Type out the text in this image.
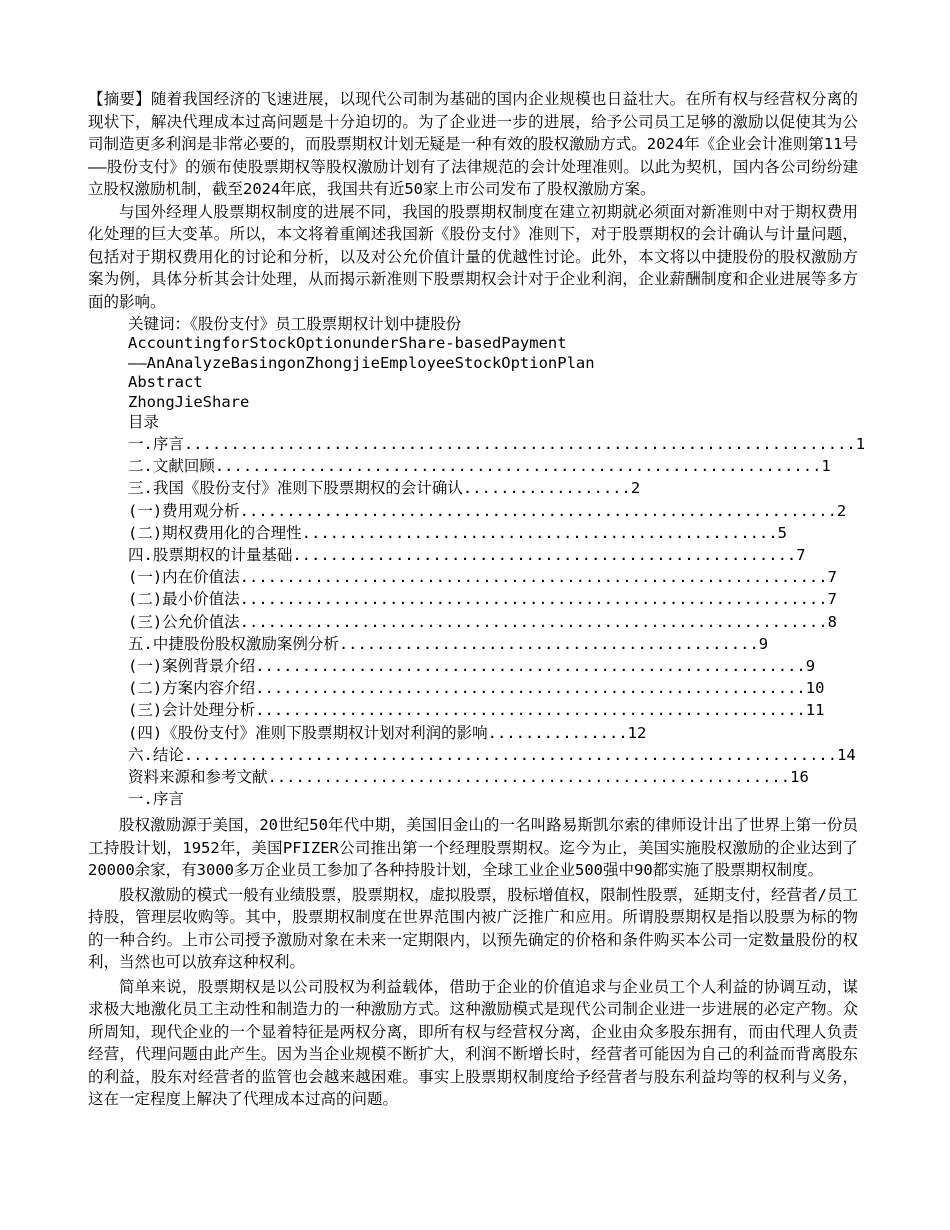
【摘要】随着我国经济的飞速进展，以现代公司制为基础的国内企业规模也日益壮大。在所有权与经营权分离的现状下，解决代理成本过高问题是十分迫切的。为了企业进一步的进展，给予公司员工足够的激励以促使其为公司制造更多利润是非常必要的，而股票期权计划无疑是一种有效的股权激励方式。2024年《企业会计准则第11号——股份支付》的颁布使股票期权等股权激励计划有了法律规范的会计处理准则。以此为契机，国内各公司纷纷建立股权激励机制，截至2024年底，我国共有近50家上市公司发布了股权激励方案。

与国外经理人股票期权制度的进展不同，我国的股票期权制度在建立初期就必须面对新准则中对于期权费用化处理的巨大变革。所以，本文将着重阐述我国新《股份支付》准则下，对于股票期权的会计确认与计量问题，包括对于期权费用化的讨论和分析，以及对公允价值计量的优越性讨论。此外，本文将以中捷股份的股权激励方案为例，具体分析其会计处理，从而揭示新准则下股票期权会计对于企业利润，企业薪酬制度和企业进展等多方面的影响。

关键词：《股份支付》员工股票期权计划中捷股份

AccountingforStockOptionunderShare-basedPayment

——AnAnalyzeBasingonZhongjieEmployeeStockOptionPlan

Abstract

ZhongJieShare

目录

一.序言........................................................................1

二.文献回顾.................................................................1

三.我国《股份支付》准则下股票期权的会计确认..................2

(一)费用观分析................................................................2

(二)期权费用化的合理性...................................................5

四.股票期权的计量基础......................................................7

(一)内在价值法...............................................................7

(二)最小价值法...............................................................7

(三)公允价值法...............................................................8

五.中捷股份股权激励案例分析.............................................9

(一)案例背景介绍...........................................................9

(二)方案内容介绍...........................................................10

(三)会计处理分析...........................................................11

(四)《股份支付》准则下股票期权计划对利润的影响...............12

六.结论......................................................................14

资料来源和参考文献........................................................16

一.序言

股权激励源于美国，20世纪50年代中期，美国旧金山的一名叫路易斯凯尔索的律师设计出了世界上第一份员工持股计划，1952年，美国PFIZER公司推出第一个经理股票期权。迄今为止，美国实施股权激励的企业达到了20000余家，有3000多万企业员工参加了各种持股计划，全球工业企业500强中90都实施了股票期权制度。

股权激励的模式一般有业绩股票，股票期权，虚拟股票，股标增值权，限制性股票，延期支付，经营者/员工持股，管理层收购等。其中，股票期权制度在世界范围内被广泛推广和应用。所谓股票期权是指以股票为标的物的一种合约。上市公司授予激励对象在未来一定期限内，以预先确定的价格和条件购买本公司一定数量股份的权利，当然也可以放弃这种权利。

简单来说，股票期权是以公司股权为利益载体，借助于企业的价值追求与企业员工个人利益的协调互动，谋求极大地激化员工主动性和制造力的一种激励方式。这种激励模式是现代公司制企业进一步进展的必定产物。众所周知，现代企业的一个显着特征是两权分离，即所有权与经营权分离，企业由众多股东拥有，而由代理人负责经营，代理问题由此产生。因为当企业规模不断扩大，利润不断增长时，经营者可能因为自己的利益而背离股东的利益，股东对经营者的监管也会越来越困难。事实上股票期权制度给予经营者与股东利益均等的权利与义务，这在一定程度上解决了代理成本过高的问题。
